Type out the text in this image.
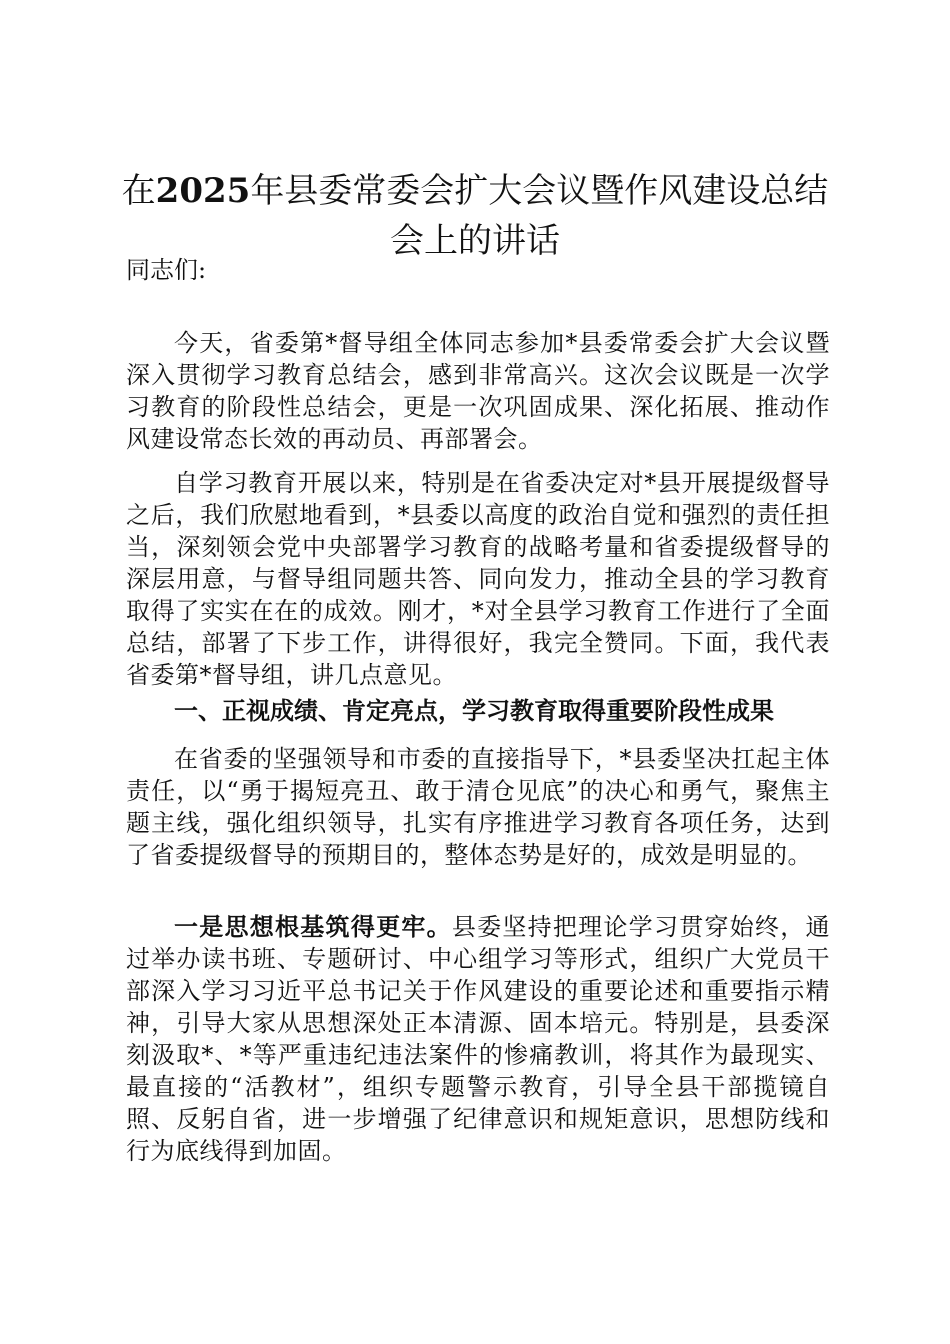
在2025年县委常委会扩大会议暨作风建设总结会上的讲话

同志们:

今天，省委第*督导组全体同志参加*县委常委会扩大会议暨深入贯彻学习教育总结会，感到非常高兴。这次会议既是一次学习教育的阶段性总结会，更是一次巩固成果、深化拓展、推动作风建设常态长效的再动员、再部署会。

自学习教育开展以来，特别是在省委决定对*县开展提级督导之后，我们欣慰地看到，*县委以高度的政治自觉和强烈的责任担当，深刻领会党中央部署学习教育的战略考量和省委提级督导的深层用意，与督导组同题共答、同向发力，推动全县的学习教育取得了实实在在的成效。刚才，*对全县学习教育工作进行了全面总结，部署了下步工作，讲得很好，我完全赞同。下面，我代表省委第*督导组，讲几点意见。

一、正视成绩、肯定亮点，学习教育取得重要阶段性成果

在省委的坚强领导和市委的直接指导下，*县委坚决扛起主体责任，以“勇于揭短亮丑、敢于清仓见底”的决心和勇气，聚焦主题主线，强化组织领导，扎实有序推进学习教育各项任务，达到了省委提级督导的预期目的，整体态势是好的，成效是明显的。

一是思想根基筑得更牢。县委坚持把理论学习贯穿始终，通过举办读书班、专题研讨、中心组学习等形式，组织广大党员干部深入学习习近平总书记关于作风建设的重要论述和重要指示精神，引导大家从思想深处正本清源、固本培元。特别是，县委深刻汲取*、*等严重违纪违法案件的惨痛教训，将其作为最现实、最直接的“活教材”，组织专题警示教育，引导全县干部揽镜自照、反躬自省，进一步增强了纪律意识和规矩意识，思想防线和行为底线得到加固。
